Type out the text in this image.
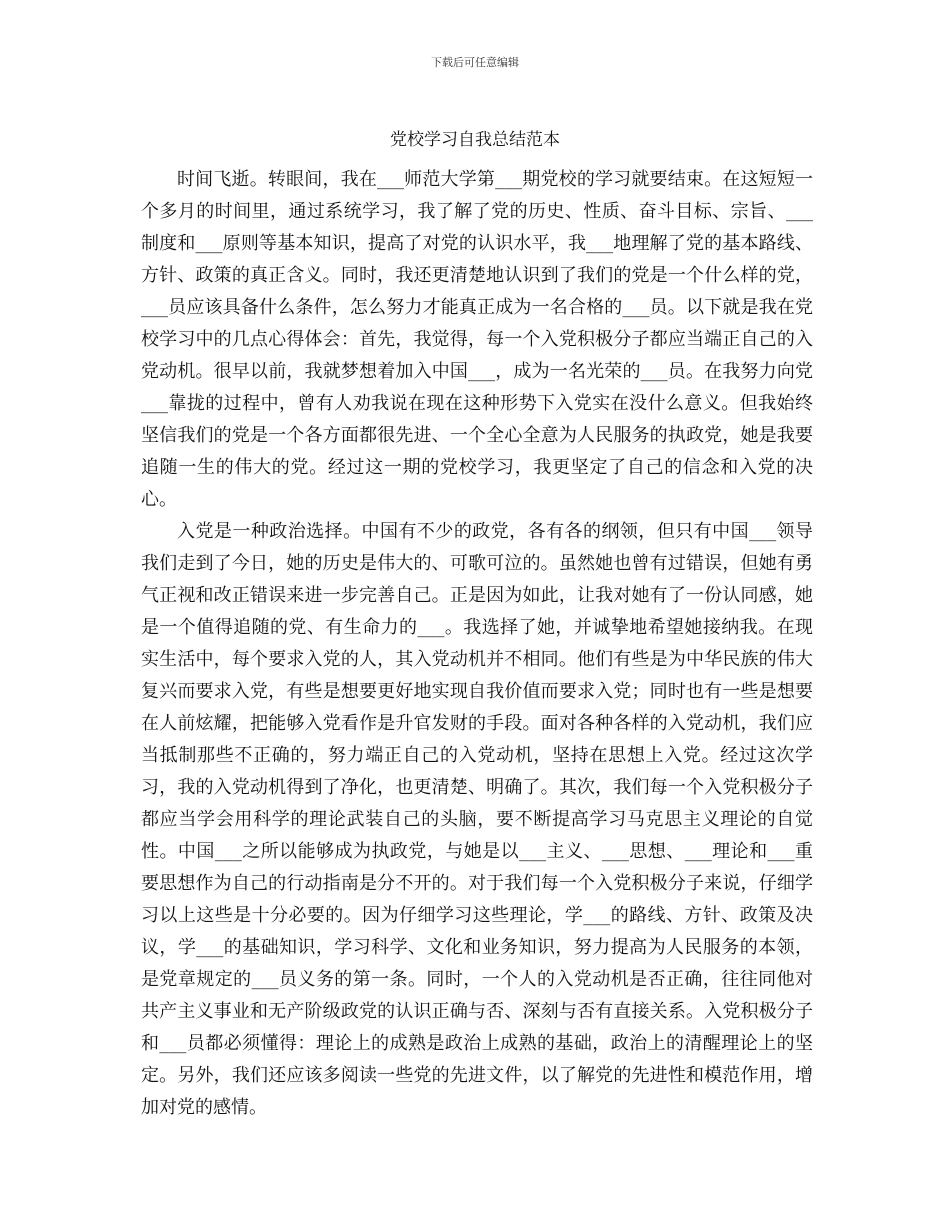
下载后可任意编辑
党校学习自我总结范本

时间飞逝。转眼间，我在___师范大学第___期党校的学习就要结束。在这短短一个多月的时间里，通过系统学习，我了解了党的历史、性质、奋斗目标、宗旨、___制度和___原则等基本知识，提高了对党的认识水平，我___地理解了党的基本路线、方针、政策的真正含义。同时，我还更清楚地认识到了我们的党是一个什么样的党，___员应该具备什么条件，怎么努力才能真正成为一名合格的___员。以下就是我在党校学习中的几点心得体会：首先，我觉得，每一个入党积极分子都应当端正自己的入党动机。很早以前，我就梦想着加入中国___，成为一名光荣的___员。在我努力向党___靠拢的过程中，曾有人劝我说在现在这种形势下入党实在没什么意义。但我始终坚信我们的党是一个各方面都很先进、一个全心全意为人民服务的执政党，她是我要追随一生的伟大的党。经过这一期的党校学习，我更坚定了自己的信念和入党的决心。

入党是一种政治选择。中国有不少的政党，各有各的纲领，但只有中国___领导我们走到了今日，她的历史是伟大的、可歌可泣的。虽然她也曾有过错误，但她有勇气正视和改正错误来进一步完善自己。正是因为如此，让我对她有了一份认同感，她是一个值得追随的党、有生命力的___。我选择了她，并诚挚地希望她接纳我。在现实生活中，每个要求入党的人，其入党动机并不相同。他们有些是为中华民族的伟大复兴而要求入党，有些是想要更好地实现自我价值而要求入党；同时也有一些是想要在人前炫耀，把能够入党看作是升官发财的手段。面对各种各样的入党动机，我们应当抵制那些不正确的，努力端正自己的入党动机，坚持在思想上入党。经过这次学习，我的入党动机得到了净化，也更清楚、明确了。其次，我们每一个入党积极分子都应当学会用科学的理论武装自己的头脑，要不断提高学习马克思主义理论的自觉性。中国___之所以能够成为执政党，与她是以___主义、___思想、___理论和___重要思想作为自己的行动指南是分不开的。对于我们每一个入党积极分子来说，仔细学习以上这些是十分必要的。因为仔细学习这些理论，学___的路线、方针、政策及决议，学___的基础知识，学习科学、文化和业务知识，努力提高为人民服务的本领，是党章规定的___员义务的第一条。同时，一个人的入党动机是否正确，往往同他对共产主义事业和无产阶级政党的认识正确与否、深刻与否有直接关系。入党积极分子和___员都必须懂得：理论上的成熟是政治上成熟的基础，政治上的清醒理论上的坚定。另外，我们还应该多阅读一些党的先进文件，以了解党的先进性和模范作用，增加对党的感情。
